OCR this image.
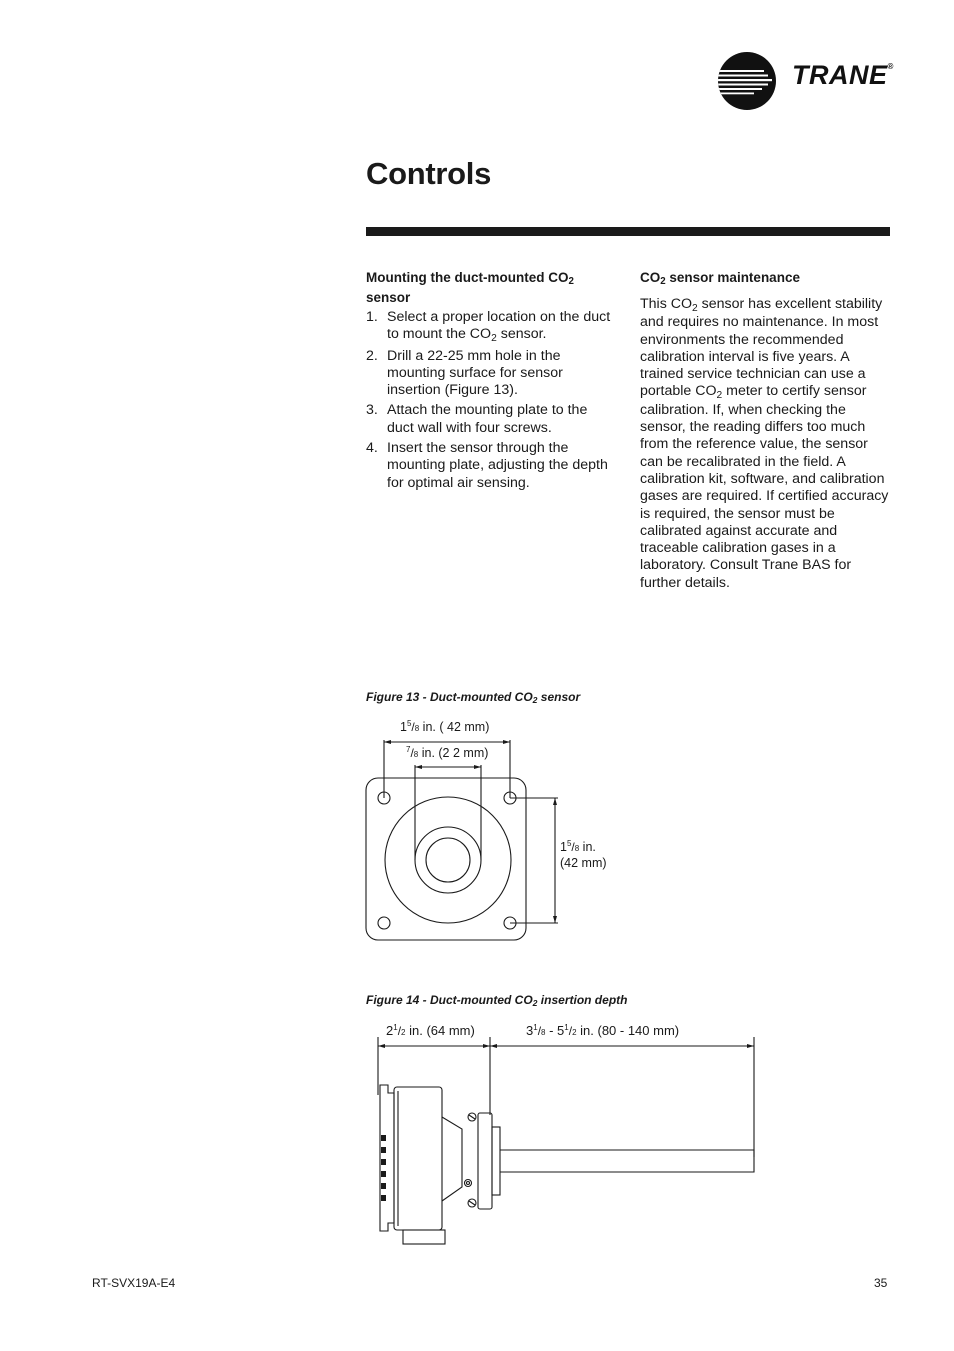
TRANE®
Controls

Mounting the duct-mounted $CO_2$
sensor

1. Select a proper location on the duct to mount the $CO_2$ sensor.
2. Drill a 22-25 mm hole in the mounting surface for sensor insertion (Figure 13).
3. Attach the mounting plate to the duct wall with four screws.
4. Insert the sensor through the mounting plate, adjusting the depth for optimal air sensing.

$CO_2$ sensor maintenance

This $CO_2$ sensor has excellent stability and requires no maintenance. In most environments the recommended calibration interval is five years. A trained service technician can use a portable $CO_2$ meter to certify sensor calibration. If, when checking the sensor, the reading differs too much from the reference value, the sensor can be recalibrated in the field. A calibration kit, software, and calibration gases are required. If certified accuracy is required, the sensor must be calibrated against accurate and traceable calibration gases in a laboratory. Consult Trane BAS for further details.

Figure 13 - Duct-mounted $CO_2$ sensor
$1^5/8$ in. ( 42 mm)
$^7$/8 in. (2 2 mm)
$1^5/8$ in.
(42 mm)
Figure 14 - Duct-mounted $CO_2$ insertion depth
$2^1/2$ in. (64 mm)	$3^1/8 - 5^1/2$ in. (80 - 140 mm)
RT-SVX19A-E4	35
